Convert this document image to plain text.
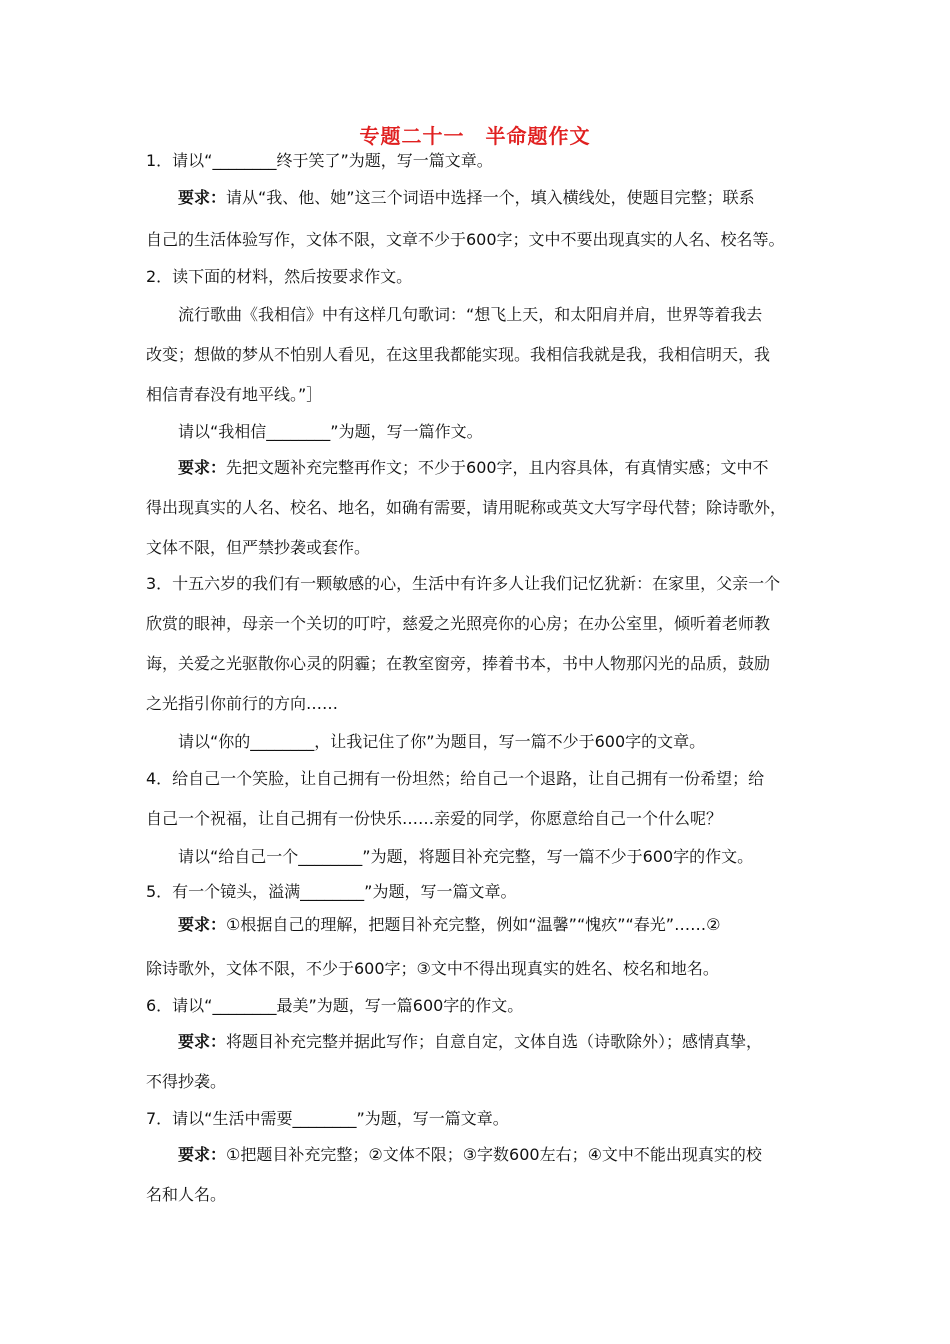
专题二十一　半命题作文
1．请以“________终于笑了”为题，写一篇文章。
要求：请从“我、他、她”这三个词语中选择一个，填入横线处，使题目完整；联系
自己的生活体验写作，文体不限，文章不少于600字；文中不要出现真实的人名、校名等。
2．读下面的材料，然后按要求作文。
流行歌曲《我相信》中有这样几句歌词：“想飞上天，和太阳肩并肩，世界等着我去
改变；想做的梦从不怕别人看见，在这里我都能实现。我相信我就是我，我相信明天，我
相信青春没有地平线。”］
请以“我相信________”为题，写一篇作文。
要求：先把文题补充完整再作文；不少于600字，且内容具体，有真情实感；文中不
得出现真实的人名、校名、地名，如确有需要，请用昵称或英文大写字母代替；除诗歌外，
文体不限，但严禁抄袭或套作。
3．十五六岁的我们有一颗敏感的心，生活中有许多人让我们记忆犹新：在家里，父亲一个
欣赏的眼神，母亲一个关切的叮咛，慈爱之光照亮你的心房；在办公室里，倾听着老师教
诲，关爱之光驱散你心灵的阴霾；在教室窗旁，捧着书本，书中人物那闪光的品质，鼓励
之光指引你前行的方向……
请以“你的________，让我记住了你”为题目，写一篇不少于600字的文章。
4．给自己一个笑脸，让自己拥有一份坦然；给自己一个退路，让自己拥有一份希望；给
自己一个祝福，让自己拥有一份快乐……亲爱的同学，你愿意给自己一个什么呢？
请以“给自己一个________”为题，将题目补充完整，写一篇不少于600字的作文。
5．有一个镜头，溢满________”为题，写一篇文章。
要求：①根据自己的理解，把题目补充完整，例如“温馨”“愧疚”“春光”……②
除诗歌外，文体不限，不少于600字；③文中不得出现真实的姓名、校名和地名。
6．请以“________最美”为题，写一篇600字的作文。
要求：将题目补充完整并据此写作；自意自定，文体自选（诗歌除外）；感情真挚，
不得抄袭。
7．请以“生活中需要________”为题，写一篇文章。
要求：①把题目补充完整；②文体不限；③字数600左右；④文中不能出现真实的校
名和人名。
